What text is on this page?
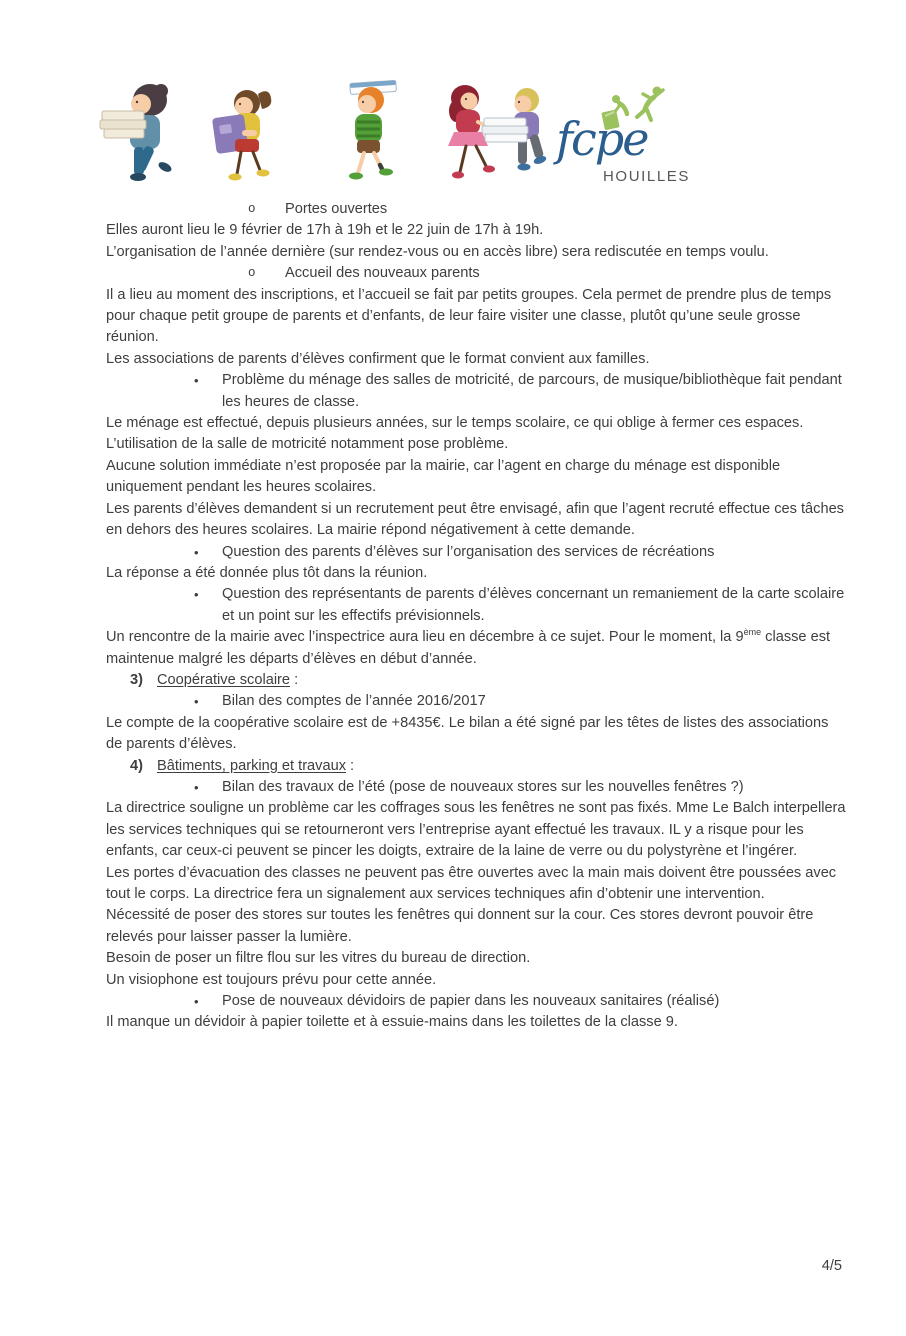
fcpe
HOUILLES
o Portes ouvertes
Elles auront lieu le 9 février de 17h à 19h et le 22 juin de 17h à 19h.
L’organisation de l’année dernière (sur rendez-vous ou en accès libre) sera rediscutée en temps voulu.
o Accueil des nouveaux parents
Il a lieu au moment des inscriptions, et l’accueil se fait par petits groupes. Cela permet de prendre plus de temps pour chaque petit groupe de parents et d’enfants, de leur faire visiter une classe, plutôt qu’une seule grosse réunion.
Les associations de parents d’élèves confirment que le format convient aux familles.
• Problème du ménage des salles de motricité, de parcours, de musique/bibliothèque fait pendant les heures de classe.
Le ménage est effectué, depuis plusieurs années, sur le temps scolaire, ce qui oblige à fermer ces espaces. L’utilisation de la salle de motricité notamment pose problème.
Aucune solution immédiate n’est proposée par la mairie, car l’agent en charge du ménage est disponible uniquement pendant les heures scolaires.
Les parents d’élèves demandent si un recrutement peut être envisagé, afin que l’agent recruté effectue ces tâches en dehors des heures scolaires. La mairie répond négativement à cette demande.
• Question des parents d’élèves sur l’organisation des services de récréations
La réponse a été donnée plus tôt dans la réunion.
• Question des représentants de parents d’élèves concernant un remaniement de la carte scolaire et un point sur les effectifs prévisionnels.
Un rencontre de la mairie avec l’inspectrice aura lieu en décembre à ce sujet. Pour le moment, la 9ème classe est maintenue malgré les départs d’élèves en début d’année.
3) Coopérative scolaire :
• Bilan des comptes de l’année 2016/2017
Le compte de la coopérative scolaire est de +8435€. Le bilan a été signé par les têtes de listes des associations de parents d’élèves.
4) Bâtiments, parking et travaux :
• Bilan des travaux de l’été (pose de nouveaux stores sur les nouvelles fenêtres ?)
La directrice souligne un problème car les coffrages sous les fenêtres ne sont pas fixés. Mme Le Balch interpellera les services techniques qui se retourneront vers l’entreprise ayant effectué les travaux. IL y a risque pour les enfants, car ceux-ci peuvent se pincer les doigts, extraire de la laine de verre ou du polystyrène et l’ingérer.
Les portes d’évacuation des classes ne peuvent pas être ouvertes avec la main mais doivent être poussées avec tout le corps. La directrice fera un signalement aux services techniques afin d’obtenir une intervention.
Nécessité de poser des stores sur toutes les fenêtres qui donnent sur la cour. Ces stores devront pouvoir être relevés pour laisser passer la lumière.
Besoin de poser un filtre flou sur les vitres du bureau de direction.
Un visiophone est toujours prévu pour cette année.
• Pose de nouveaux dévidoirs de papier dans les nouveaux sanitaires (réalisé)
Il manque un dévidoir à papier toilette et à essuie-mains dans les toilettes de la classe 9.
4/5
